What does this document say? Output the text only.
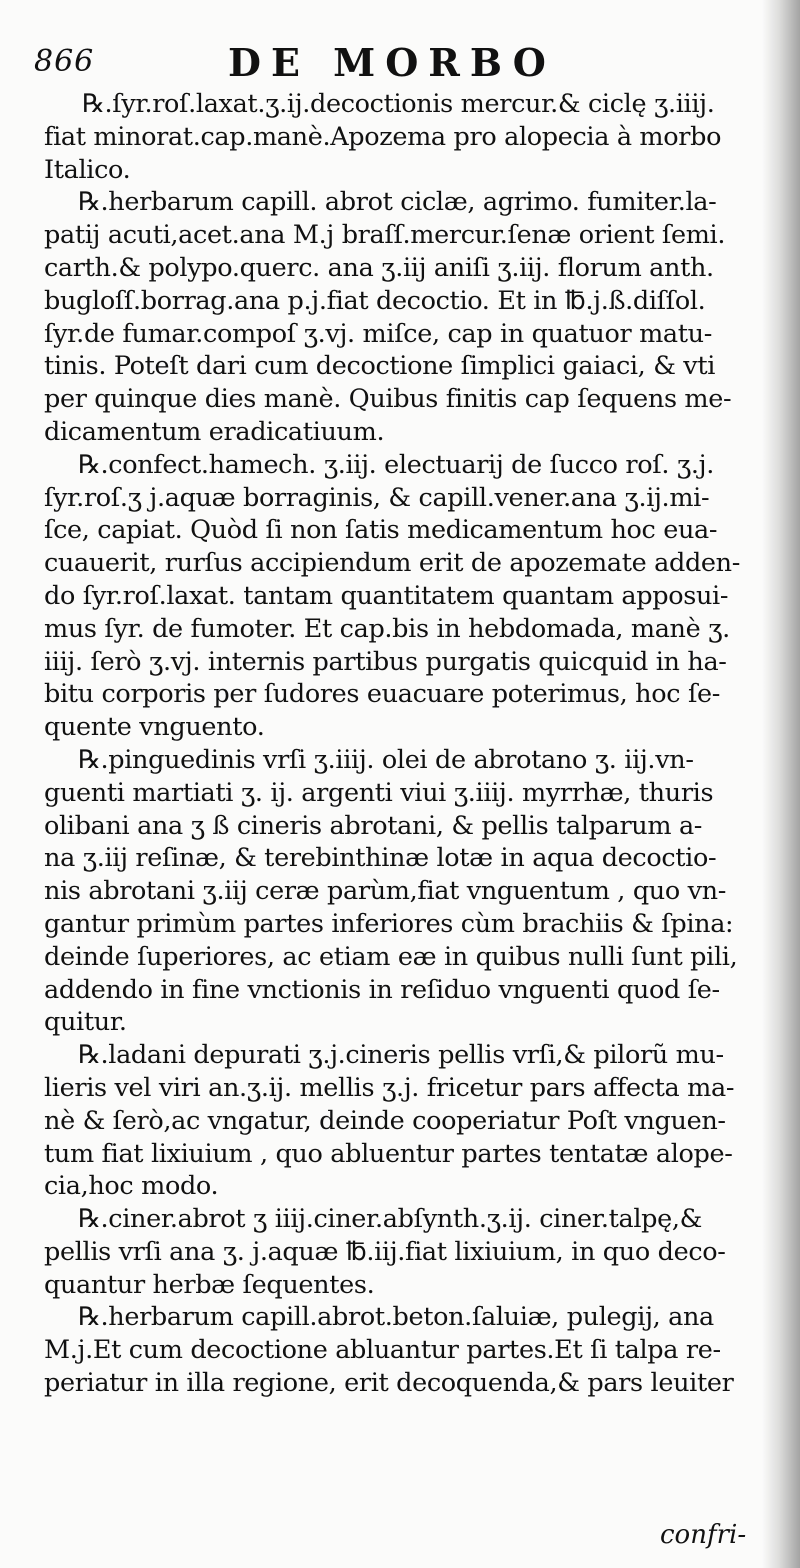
866	DE MORBO
℞.ſyr.roſ.laxat.ʒ.ij.decoctionis mercur.& ciclę ʒ.iiij.
fiat minorat.cap.manè.Apozema pro alopecia à morbo
Italico.
℞.herbarum capill. abrot ciclæ, agrimo. fumiter.la-
patij acuti,acet.ana M.j braſſ.mercur.ſenæ orient ſemi.
carth.& polypo.querc. ana ʒ.iij aniſi ʒ.iij. florum anth.
bugloſſ.borrag.ana p.j.fiat decoctio. Et in ℔.j.ß.diſſol.
ſyr.de fumar.compoſ ʒ.vj. miſce, cap in quatuor matu-
tinis. Poteſt dari cum decoctione ſimplici gaiaci, & vti
per quinque dies manè. Quibus finitis cap ſequens me-
dicamentum eradicatiuum.
℞.confect.hamech. ʒ.iij. electuarij de ſucco roſ. ʒ.j.
ſyr.roſ.ʒ j.aquæ borraginis, & capill.vener.ana ʒ.ij.mi-
ſce, capiat. Quòd ſi non ſatis medicamentum hoc eua-
cuauerit, rurſus accipiendum erit de apozemate adden-
do ſyr.roſ.laxat. tantam quantitatem quantam apposui-
mus ſyr. de fumoter. Et cap.bis in hebdomada, manè ʒ.
iiij. ſerò ʒ.vj. internis partibus purgatis quicquid in ha-
bitu corporis per ſudores euacuare poterimus, hoc ſe-
quente vnguento.
℞.pinguedinis vrſi ʒ.iiij. olei de abrotano ʒ. iij.vn-
guenti martiati ʒ. ij. argenti viui ʒ.iiij. myrrhæ, thuris
olibani ana ʒ ß cineris abrotani, & pellis talparum a-
na ʒ.iij reſinæ, & terebinthinæ lotæ in aqua decoctio-
nis abrotani ʒ.iij ceræ parùm,fiat vnguentum , quo vn-
gantur primùm partes inferiores cùm brachiis & ſpina:
deinde ſuperiores, ac etiam eæ in quibus nulli ſunt pili,
addendo in fine vnctionis in reſiduo vnguenti quod ſe-
quitur.
℞.ladani depurati ʒ.j.cineris pellis vrſi,& pilorũ mu-
lieris vel viri an.ʒ.ij. mellis ʒ.j. fricetur pars affecta ma-
nè & ſerò,ac vngatur, deinde cooperiatur Poſt vnguen-
tum fiat lixiuium , quo abluentur partes tentatæ alope-
cia,hoc modo.
℞.ciner.abrot ʒ iiij.ciner.abſynth.ʒ.ij. ciner.talpę,&
pellis vrſi ana ʒ. j.aquæ ℔.iij.fiat lixiuium, in quo deco-
quantur herbæ ſequentes.
℞.herbarum capill.abrot.beton.ſaluiæ, pulegij, ana
M.j.Et cum decoctione abluantur partes.Et ſi talpa re-
periatur in illa regione, erit decoquenda,& pars leuiter
confri-
